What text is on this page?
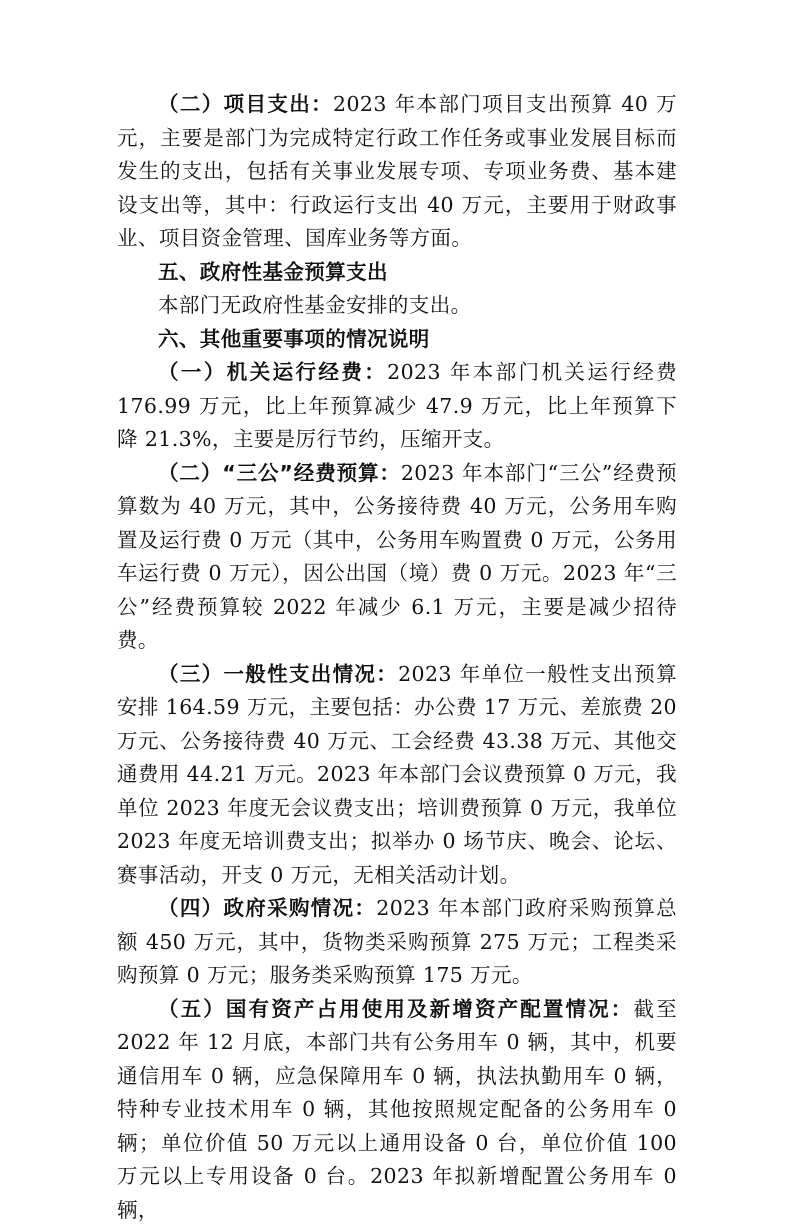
（二）项目支出：2023 年本部门项目支出预算 40 万元，主要是部门为完成特定行政工作任务或事业发展目标而发生的支出，包括有关事业发展专项、专项业务费、基本建设支出等，其中：行政运行支出 40 万元，主要用于财政事业、项目资金管理、国库业务等方面。

五、政府性基金预算支出

本部门无政府性基金安排的支出。

六、其他重要事项的情况说明

（一）机关运行经费：2023 年本部门机关运行经费 176.99 万元，比上年预算减少 47.9 万元，比上年预算下降 21.3%，主要是厉行节约，压缩开支。

（二）“三公”经费预算：2023 年本部门“三公”经费预算数为 40 万元，其中，公务接待费 40 万元，公务用车购置及运行费 0 万元（其中，公务用车购置费 0 万元，公务用车运行费 0 万元），因公出国（境）费 0 万元。2023 年“三公”经费预算较 2022 年减少 6.1 万元，主要是减少招待费。

（三）一般性支出情况：2023 年单位一般性支出预算安排 164.59 万元，主要包括：办公费 17 万元、差旅费 20 万元、公务接待费 40 万元、工会经费 43.38 万元、其他交通费用 44.21 万元。2023 年本部门会议费预算 0 万元，我单位 2023 年度无会议费支出；培训费预算 0 万元，我单位 2023 年度无培训费支出；拟举办 0 场节庆、晚会、论坛、赛事活动，开支 0 万元，无相关活动计划。

（四）政府采购情况：2023 年本部门政府采购预算总额 450 万元，其中，货物类采购预算 275 万元；工程类采购预算 0 万元；服务类采购预算 175 万元。

（五）国有资产占用使用及新增资产配置情况：截至 2022 年 12 月底，本部门共有公务用车 0 辆，其中，机要通信用车 0 辆，应急保障用车 0 辆，执法执勤用车 0 辆，特种专业技术用车 0 辆，其他按照规定配备的公务用车 0 辆；单位价值 50 万元以上通用设备 0 台，单位价值 100 万元以上专用设备 0 台。2023 年拟新增配置公务用车 0 辆，
